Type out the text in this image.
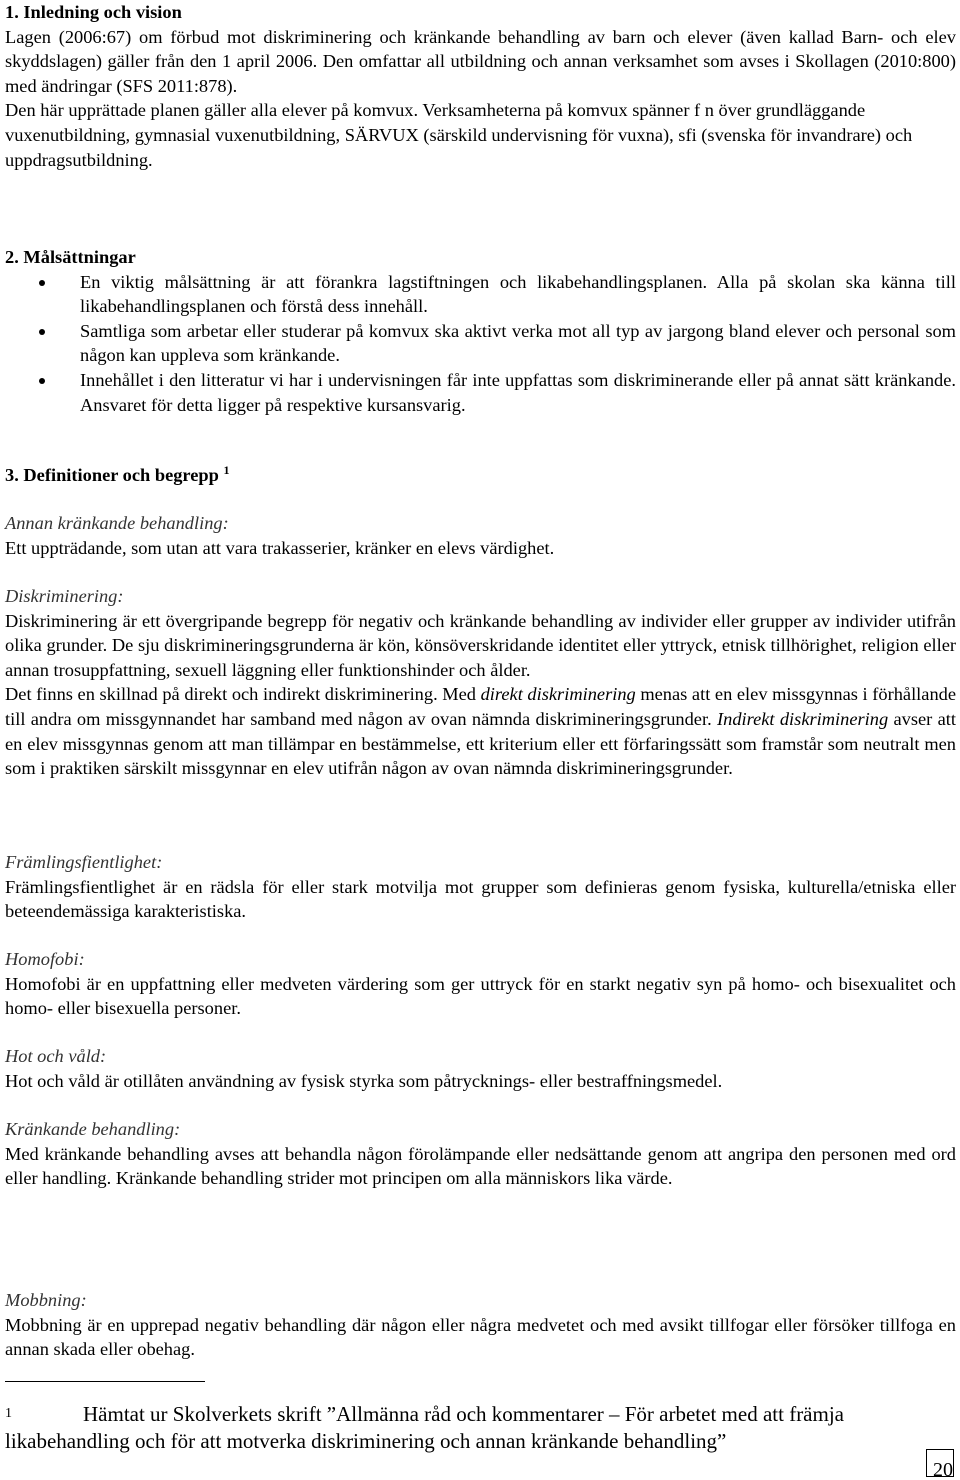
1. Inledning och vision
Lagen (2006:67) om förbud mot diskriminering och kränkande behandling av barn och elever (även kallad Barn- och elev skyddslagen) gäller från den 1 april 2006. Den omfattar all utbildning och annan verksamhet som avses i Skollagen (2010:800) med ändringar (SFS 2011:878).
Den här upprättade planen gäller alla elever på komvux. Verksamheterna på komvux spänner f n över grundläggande vuxenutbildning, gymnasial vuxenutbildning, SÄRVUX (särskild undervisning för vuxna), sfi (svenska för invandrare) och uppdragsutbildning.
2. Målsättningar
En viktig målsättning är att förankra lagstiftningen och likabehandlingsplanen. Alla på skolan ska känna till likabehandlingsplanen och förstå dess innehåll.
Samtliga som arbetar eller studerar på komvux ska aktivt verka mot all typ av jargong bland elever och personal som någon kan uppleva som kränkande.
Innehållet i den litteratur vi har i undervisningen får inte uppfattas som diskriminerande eller på annat sätt kränkande. Ansvaret för detta ligger på respektive kursansvarig.
3. Definitioner och begrepp $^1$
Annan kränkande behandling:
Ett uppträdande, som utan att vara trakasserier, kränker en elevs värdighet.
Diskriminering:
Diskriminering är ett övergripande begrepp för negativ och kränkande behandling av individer eller grupper av individer utifrån olika grunder. De sju diskrimineringsgrunderna är kön, könsöverskridande identitet eller yttryck, etnisk tillhörighet, religion eller annan trosuppfattning, sexuell läggning eller funktionshinder och ålder.
Det finns en skillnad på direkt och indirekt diskriminering. Med direkt diskriminering menas att en elev missgynnas i förhållande till andra om missgynnandet har samband med någon av ovan nämnda diskrimineringsgrunder. Indirekt diskriminering avser att en elev missgynnas genom att man tillämpar en bestämmelse, ett kriterium eller ett förfaringssätt som framstår som neutralt men som i praktiken särskilt missgynnar en elev utifrån någon av ovan nämnda diskrimineringsgrunder.
Främlingsfientlighet:
Främlingsfientlighet är en rädsla för eller stark motvilja mot grupper som definieras genom fysiska, kulturella/etniska eller beteendemässiga karakteristiska.
Homofobi:
Homofobi är en uppfattning eller medveten värdering som ger uttryck för en starkt negativ syn på homo- och bisexualitet och homo- eller bisexuella personer.
Hot och våld:
Hot och våld är otillåten användning av fysisk styrka som påtrycknings- eller bestraffningsmedel.
Kränkande behandling:
Med kränkande behandling avses att behandla någon förolämpande eller nedsättande genom att angripa den personen med ord eller handling. Kränkande behandling strider mot principen om alla människors lika värde.
Mobbning:
Mobbning är en upprepad negativ behandling där någon eller några medvetet och med avsikt tillfogar eller försöker tillfoga en annan skada eller obehag.
1	Hämtat ur Skolverkets skrift ”Allmänna råd och kommentarer – För arbetet med att främja likabehandling och för att motverka diskriminering och annan kränkande behandling”
20
